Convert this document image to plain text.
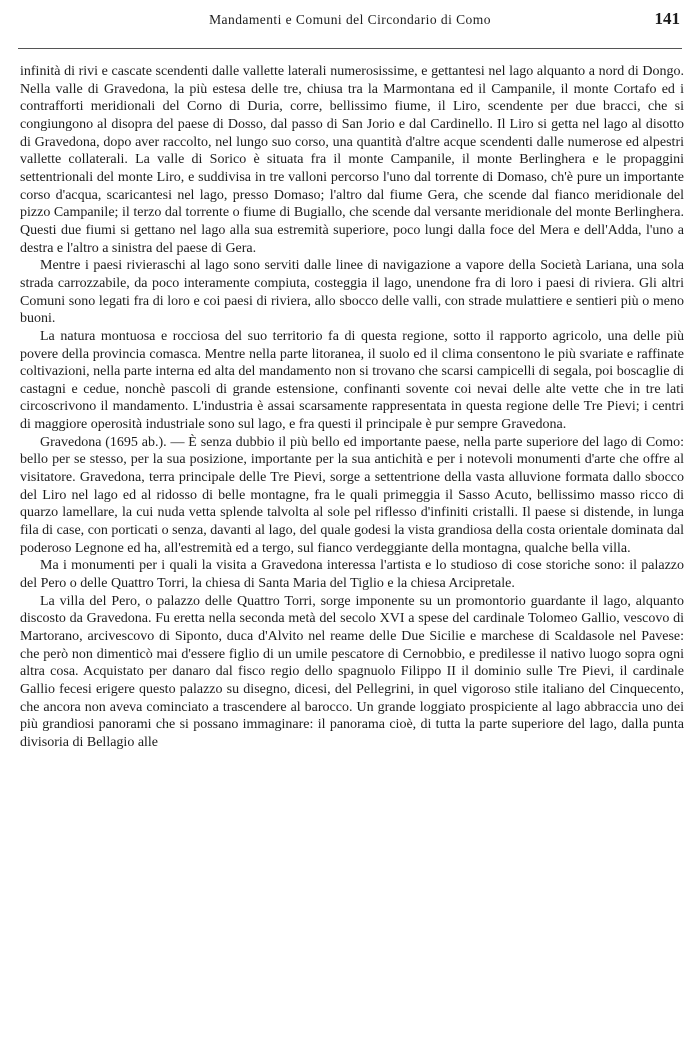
Mandamenti e Comuni del Circondario di Como	141

infinità di rivi e cascate scendenti dalle vallette laterali numerosissime, e gettantesi nel lago alquanto a nord di Dongo. Nella valle di Gravedona, la più estesa delle tre, chiusa tra la Marmontana ed il Campanile, il monte Cortafo ed i contrafforti meridionali del Corno di Duria, corre, bellissimo fiume, il Liro, scendente per due bracci, che si congiungono al disopra del paese di Dosso, dal passo di San Jorio e dal Cardinello. Il Liro si getta nel lago al disotto di Gravedona, dopo aver raccolto, nel lungo suo corso, una quantità d'altre acque scendenti dalle numerose ed alpestri vallette collaterali. La valle di Sorico è situata fra il monte Campanile, il monte Berlinghera e le propaggini settentrionali del monte Liro, e suddivisa in tre valloni percorso l'uno dal torrente di Domaso, ch'è pure un importante corso d'acqua, scaricantesi nel lago, presso Domaso; l'altro dal fiume Gera, che scende dal fianco meridionale del pizzo Campanile; il terzo dal torrente o fiume di Bugiallo, che scende dal versante meridionale del monte Berlinghera. Questi due fiumi si gettano nel lago alla sua estremità superiore, poco lungi dalla foce del Mera e dell'Adda, l'uno a destra e l'altro a sinistra del paese di Gera.

Mentre i paesi rivieraschi al lago sono serviti dalle linee di navigazione a vapore della Società Lariana, una sola strada carrozzabile, da poco interamente compiuta, costeggia il lago, unendone fra di loro i paesi di riviera. Gli altri Comuni sono legati fra di loro e coi paesi di riviera, allo sbocco delle valli, con strade mulattiere e sentieri più o meno buoni.

La natura montuosa e rocciosa del suo territorio fa di questa regione, sotto il rapporto agricolo, una delle più povere della provincia comasca. Mentre nella parte litoranea, il suolo ed il clima consentono le più svariate e raffinate coltivazioni, nella parte interna ed alta del mandamento non si trovano che scarsi campicelli di segala, poi boscaglie di castagni e cedue, nonchè pascoli di grande estensione, confinanti sovente coi nevai delle alte vette che in tre lati circoscrivono il mandamento. L'industria è assai scarsamente rappresentata in questa regione delle Tre Pievi; i centri di maggiore operosità industriale sono sul lago, e fra questi il principale è pur sempre Gravedona.

Gravedona (1695 ab.). — È senza dubbio il più bello ed importante paese, nella parte superiore del lago di Como: bello per se stesso, per la sua posizione, importante per la sua antichità e per i notevoli monumenti d'arte che offre al visitatore. Gravedona, terra principale delle Tre Pievi, sorge a settentrione della vasta alluvione formata dallo sbocco del Liro nel lago ed al ridosso di belle montagne, fra le quali primeggia il Sasso Acuto, bellissimo masso ricco di quarzo lamellare, la cui nuda vetta splende talvolta al sole pel riflesso d'infiniti cristalli. Il paese si distende, in lunga fila di case, con porticati o senza, davanti al lago, del quale godesi la vista grandiosa della costa orientale dominata dal poderoso Legnone ed ha, all'estremità ed a tergo, sul fianco verdeggiante della montagna, qualche bella villa.

Ma i monumenti per i quali la visita a Gravedona interessa l'artista e lo studioso di cose storiche sono: il palazzo del Pero o delle Quattro Torri, la chiesa di Santa Maria del Tiglio e la chiesa Arcipretale.

La villa del Pero, o palazzo delle Quattro Torri, sorge imponente su un promontorio guardante il lago, alquanto discosto da Gravedona. Fu eretta nella seconda metà del secolo XVI a spese del cardinale Tolomeo Gallio, vescovo di Martorano, arcivescovo di Siponto, duca d'Alvito nel reame delle Due Sicilie e marchese di Scaldasole nel Pavese: che però non dimenticò mai d'essere figlio di un umile pescatore di Cernobbio, e predilesse il nativo luogo sopra ogni altra cosa. Acquistato per danaro dal fisco regio dello spagnuolo Filippo II il dominio sulle Tre Pievi, il cardinale Gallio fecesi erigere questo palazzo su disegno, dicesi, del Pellegrini, in quel vigoroso stile italiano del Cinquecento, che ancora non aveva cominciato a trascendere al barocco. Un grande loggiato prospiciente al lago abbraccia uno dei più grandiosi panorami che si possano immaginare: il panorama cioè, di tutta la parte superiore del lago, dalla punta divisoria di Bellagio alle
